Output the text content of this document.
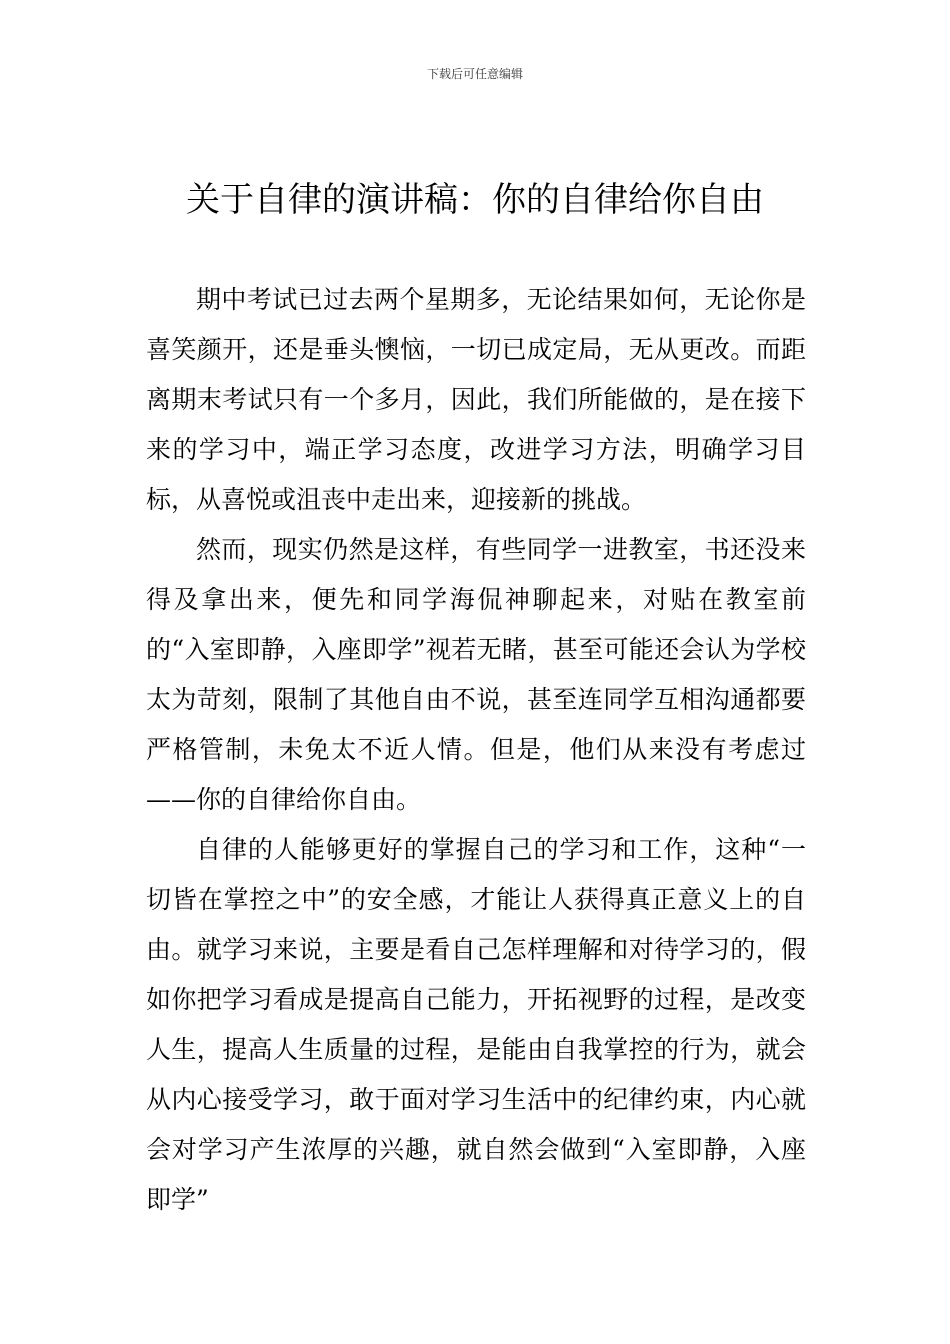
下载后可任意编辑
关于自律的演讲稿：你的自律给你自由

期中考试已过去两个星期多，无论结果如何，无论你是喜笑颜开，还是垂头懊恼，一切已成定局，无从更改。而距离期末考试只有一个多月，因此，我们所能做的，是在接下来的学习中，端正学习态度，改进学习方法，明确学习目标，从喜悦或沮丧中走出来，迎接新的挑战。

然而，现实仍然是这样，有些同学一进教室，书还没来得及拿出来，便先和同学海侃神聊起来，对贴在教室前的“入室即静，入座即学”视若无睹，甚至可能还会认为学校太为苛刻，限制了其他自由不说，甚至连同学互相沟通都要严格管制，未免太不近人情。但是，他们从来没有考虑过——你的自律给你自由。

自律的人能够更好的掌握自己的学习和工作，这种“一切皆在掌控之中”的安全感，才能让人获得真正意义上的自由。就学习来说，主要是看自己怎样理解和对待学习的，假如你把学习看成是提高自己能力，开拓视野的过程，是改变人生，提高人生质量的过程，是能由自我掌控的行为，就会从内心接受学习，敢于面对学习生活中的纪律约束，内心就会对学习产生浓厚的兴趣，就自然会做到“入室即静，入座即学”
